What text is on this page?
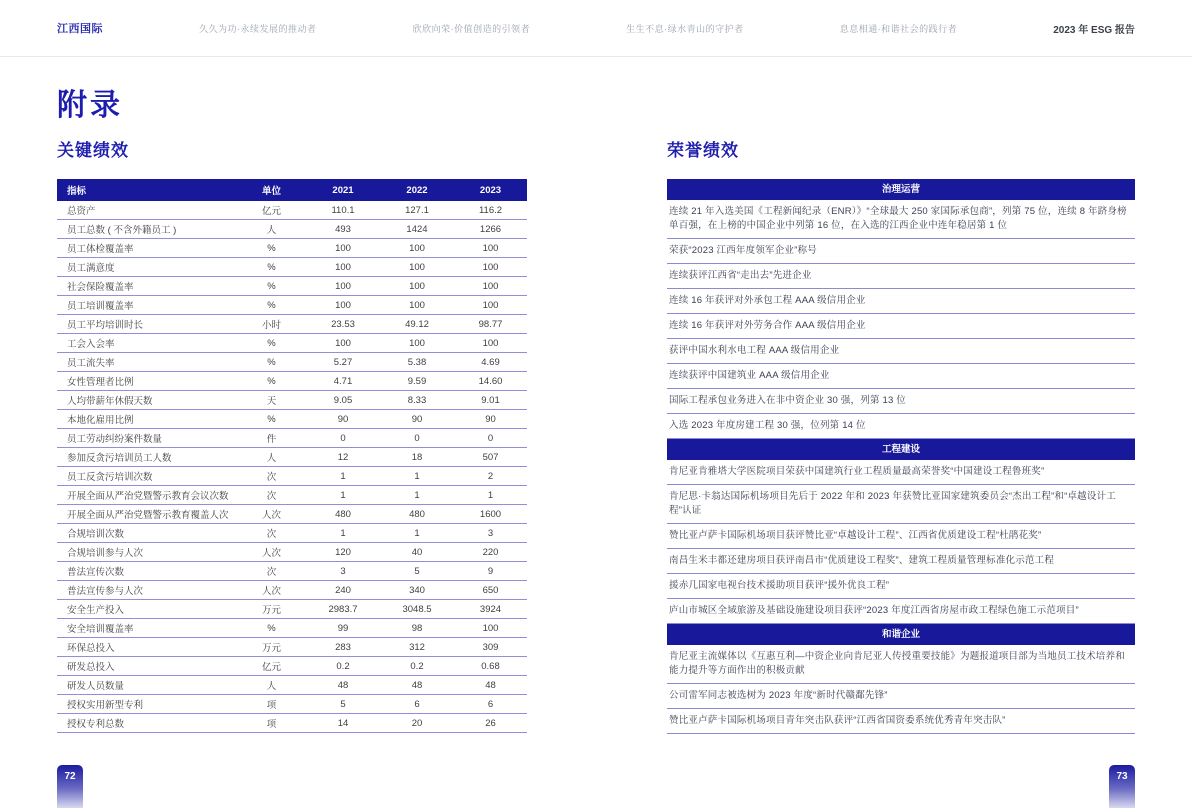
江西国际	久久为功·永续发展的推动者	欣欣向荣·价值创造的引领者	生生不息·绿水青山的守护者	息息相通·和谐社会的践行者	2023 年 ESG 报告
附录
关键绩效
指标	单位	2021	2022	2023
总资产	亿元	110.1	127.1	116.2
员工总数 ( 不含外籍员工 )	人	493	1424	1266
员工体检覆盖率	%	100	100	100
员工满意度	%	100	100	100
社会保险覆盖率	%	100	100	100
员工培训覆盖率	%	100	100	100
员工平均培训时长	小时	23.53	49.12	98.77
工会入会率	%	100	100	100
员工流失率	%	5.27	5.38	4.69
女性管理者比例	%	4.71	9.59	14.60
人均带薪年休假天数	天	9.05	8.33	9.01
本地化雇用比例	%	90	90	90
员工劳动纠纷案件数量	件	0	0	0
参加反贪污培训员工人数	人	12	18	507
员工反贪污培训次数	次	1	1	2
开展全面从严治党暨警示教育会议次数	次	1	1	1
开展全面从严治党暨警示教育覆盖人次	人次	480	480	1600
合规培训次数	次	1	1	3
合规培训参与人次	人次	120	40	220
普法宣传次数	次	3	5	9
普法宣传参与人次	人次	240	340	650
安全生产投入	万元	2983.7	3048.5	3924
安全培训覆盖率	%	99	98	100
环保总投入	万元	283	312	309
研发总投入	亿元	0.2	0.2	0.68
研发人员数量	人	48	48	48
授权实用新型专利	项	5	6	6
授权专利总数	项	14	20	26
72
荣誉绩效
治理运营
连续 21 年入选美国《工程新闻纪录（ENR）》“全球最大 250 家国际承包商”，列第 75 位，连续 8 年跻身榜单百强，在上榜的中国企业中列第 16 位，在入选的江西企业中连年稳居第 1 位
荣获“2023 江西年度领军企业”称号
连续获评江西省“走出去”先进企业
连续 16 年获评对外承包工程 AAA 级信用企业
连续 16 年获评对外劳务合作 AAA 级信用企业
获评中国水利水电工程 AAA 级信用企业
连续获评中国建筑业 AAA 级信用企业
国际工程承包业务进入在非中资企业 30 强，列第 13 位
入选 2023 年度房建工程 30 强，位列第 14 位
工程建设
肯尼亚肯雅塔大学医院项目荣获中国建筑行业工程质量最高荣誉奖“中国建设工程鲁班奖”
肯尼思·卡翁达国际机场项目先后于 2022 年和 2023 年获赞比亚国家建筑委员会“杰出工程”和“卓越设计工程”认证
赞比亚卢萨卡国际机场项目获评赞比亚“卓越设计工程”、江西省优质建设工程“杜鹃花奖”
南昌生米丰都还建房项目获评南昌市“优质建设工程奖”、建筑工程质量管理标准化示范工程
援赤几国家电视台技术援助项目获评“援外优良工程”
庐山市城区全域旅游及基础设施建设项目获评“2023 年度江西省房屋市政工程绿色施工示范项目”
和谐企业
肯尼亚主流媒体以《互惠互利—中资企业向肯尼亚人传授重要技能》为题报道项目部为当地员工技术培养和能力提升等方面作出的积极贡献
公司雷军同志被选树为 2023 年度“新时代赣鄱先锋”
赞比亚卢萨卡国际机场项目青年突击队获评“江西省国资委系统优秀青年突击队”
73
